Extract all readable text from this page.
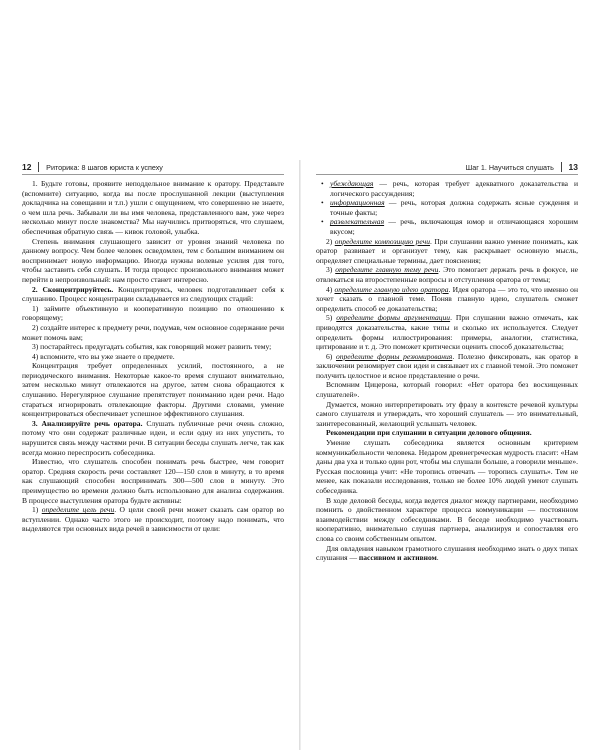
12 Риторика: 8 шагов юриста к успеху

1. Будьте готовы, проявите неподдельное внимание к оратору. Представьте (вспомните) ситуацию, когда вы после прослушанной лекции (выступления докладчика на совещании и т.п.) ушли с ощущением, что совершенно не знаете, о чем шла речь. Забывали ли вы имя человека, представленного вам, уже через несколько минут после знакомства? Мы научились притворяться, что слушаем, обеспечивая обратную связь — кивок головой, улыбка.

Степень внимания слушающего зависит от уровня знаний человека по данному вопросу. Чем более человек осведомлен, тем с большим вниманием он воспринимает новую информацию. Иногда нужны волевые усилия для того, чтобы заставить себя слушать. И тогда процесс произвольного внимания может перейти в непроизвольный: нам просто станет интересно.

2. Сконцентрируйтесь. Концентрируясь, человек подготавливает себя к слушанию. Процесс концентрации складывается из следующих стадий:

1) займите объективную и кооперативную позицию по отношению к говорящему;

2) создайте интерес к предмету речи, подумав, чем основное содержание речи может помочь вам;

3) постарайтесь предугадать события, как говорящий может развить тему;

4) вспомните, что вы уже знаете о предмете.

Концентрация требует определенных усилий, постоянного, а не периодического внимания. Некоторые какое-то время слушают внимательно, затем несколько минут отвлекаются на другое, затем снова обращаются к слушанию. Нерегулярное слушание препятствует пониманию идеи речи. Надо стараться игнорировать отвлекающие факторы. Другими словами, умение концентрироваться обеспечивает успешное эффективного слушания.

3. Анализируйте речь оратора. Слушать публичные речи очень сложно, потому что они содержат различные идеи, и если одну из них упустить, то нарушится связь между частями речи. В ситуации беседы слушать легче, так как всегда можно переспросить собеседника.

Известно, что слушатель способен понимать речь быстрее, чем говорит оратор. Средняя скорость речи составляет 120—150 слов в минуту, в то время как слушающий способен воспринимать 300—500 слов в минуту. Это преимущество во времени должно быть использовано для анализа содержания. В процессе выступления оратора будьте активны:

1) определите цель речи. О цели своей речи может сказать сам оратор во вступлении. Однако часто этого не происходит, поэтому надо понимать, что выделяются три основных вида речей в зависимости от цели:

Шаг 1. Научиться слушать 13

• убеждающая — речь, которая требует адекватного доказательства и логического рассуждения;

• информационная — речь, которая должна содержать ясные суждения и точные факты;

• развлекательная — речь, включающая юмор и отличающаяся хорошим вкусом;

2) определите композицию речи. При слушании важно умение понимать, как оратор развивает и организует тему, как раскрывает основную мысль, определяет специальные термины, дает пояснения;

3) определите главную тему речи. Это помогает держать речь в фокусе, не отвлекаться на второстепенные вопросы и отступления оратора от темы;

4) определите главную идею оратора. Идея оратора — это то, что именно он хочет сказать о главной теме. Поняв главную идею, слушатель сможет определить способ ее доказательства;

5) определите формы аргументации. При слушании важно отмечать, как приводятся доказательства, какие типы и сколько их используется. Следует определить формы иллюстрирования: примеры, аналогии, статистика, цитирование и т. д. Это поможет критически оценить способ доказательства;

6) определите формы резюмирования. Полезно фиксировать, как оратор в заключении резюмирует свои идеи и связывает их с главной темой. Это поможет получить целостное и ясное представление о речи.

Вспомним Цицерона, который говорил: «Нет оратора без восхищенных слушателей».

Думается, можно интерпретировать эту фразу в контексте речевой культуры самого слушателя и утверждать, что хороший слушатель — это внимательный, заинтересованный, желающий услышать человек.

Рекомендации при слушании в ситуации делового общения.

Умение слушать собеседника является основным критерием коммуникабельности человека. Недаром древнегреческая мудрость гласит: «Нам даны два уха и только один рот, чтобы мы слушали больше, а говорили меньше». Русская пословица учит: «Не торопись отвечать — торопись слушать». Тем не менее, как показали исследования, только не более 10% людей умеют слушать собеседника.

В ходе деловой беседы, когда ведется диалог между партнерами, необходимо помнить о двойственном характере процесса коммуникации — постоянном взаимодействии между собеседниками. В беседе необходимо участвовать кооперативно, внимательно слушая партнера, анализируя и сопоставляя его слова со своим собственным опытом.

Для овладения навыком грамотного слушания необходимо знать о двух типах слушания — пассивном и активном.
